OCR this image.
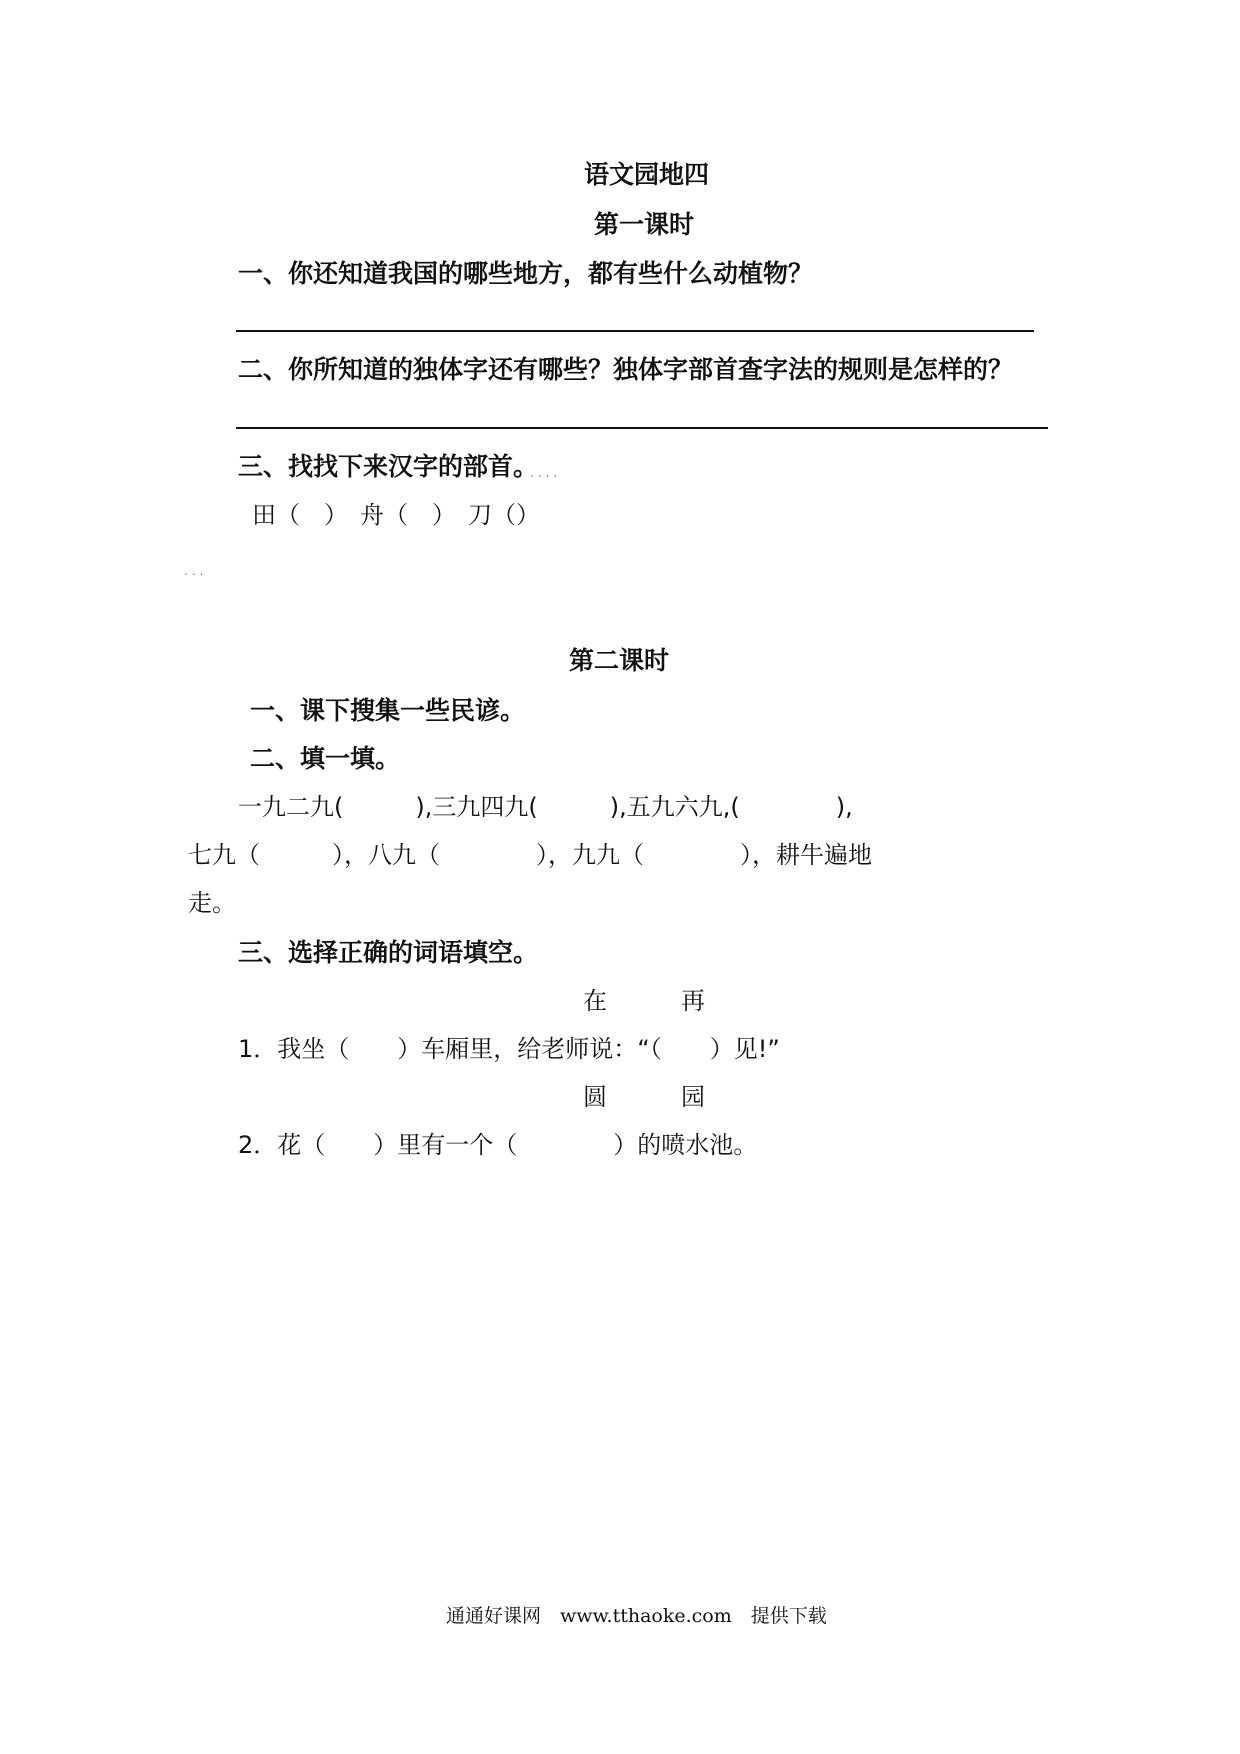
语文园地四
第一课时
一、你还知道我国的哪些地方，都有些什么动植物？
二、你所知道的独体字还有哪些？独体字部首查字法的规则是怎样的？
三、找找下来汉字的部首。
....
田（　）　舟（　）　刀（）
...
第二课时
一、课下搜集一些民谚。
二、填一填。
一九二九(　　　),三九四九(　　　),五九六九,(　　　　),
七九（　　　），八九（　　　　），九九（　　　　），耕牛遍地
走。
三、选择正确的词语填空。
在	再
1．我坐（　　）车厢里，给老师说：“（　　）见!”
圆	园
2．花（　　）里有一个（　　　　）的喷水池。
通通好课网　www.tthaoke.com　提供下载
